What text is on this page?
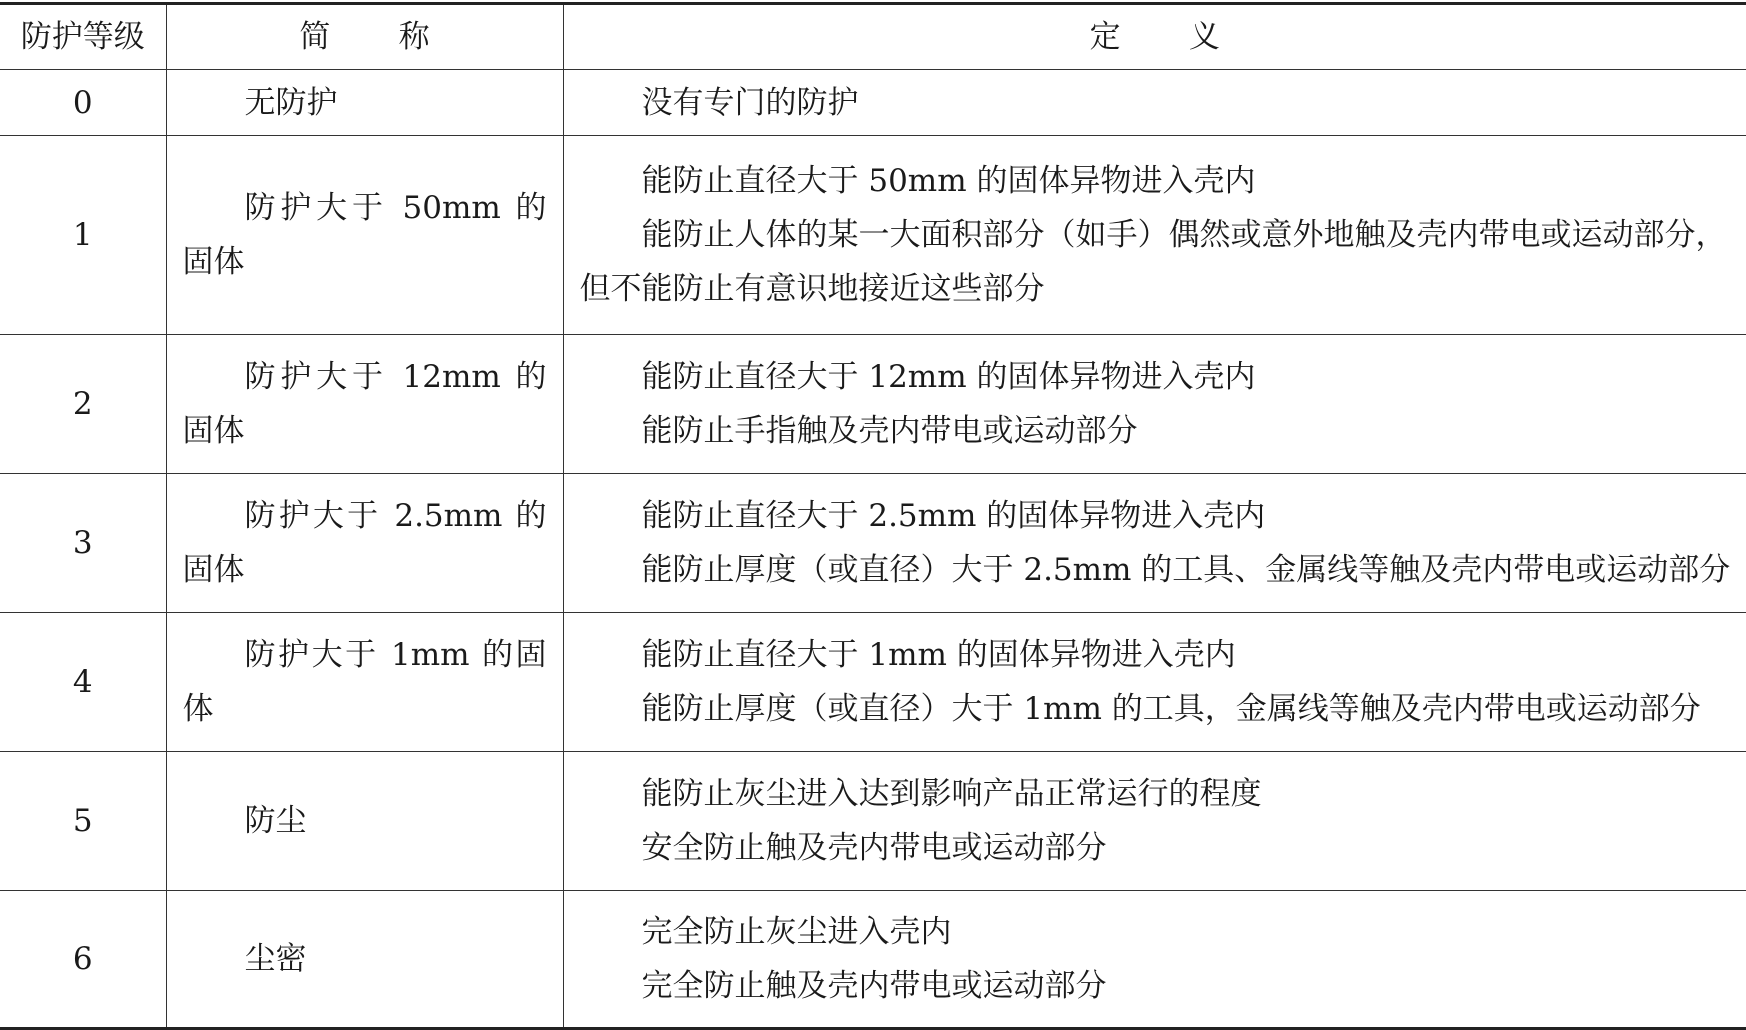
防护等级	简称	定义
0	无防护	没有专门的防护

1	防护大于 50mm 的固体	能防止直径大于 50mm 的固体异物进入壳内
能防止人体的某一大面积部分（如手）偶然或意外地触及壳内带电或运动部分，但不能防止有意识地接近这些部分

2	防护大于 12mm 的固体	能防止直径大于 12mm 的固体异物进入壳内
能防止手指触及壳内带电或运动部分

3	防护大于 2.5mm 的固体	能防止直径大于 2.5mm 的固体异物进入壳内
能防止厚度（或直径）大于 2.5mm 的工具、金属线等触及壳内带电或运动部分

4	防护大于 1mm 的固体	能防止直径大于 1mm 的固体异物进入壳内
能防止厚度（或直径）大于 1mm 的工具，金属线等触及壳内带电或运动部分

5	防尘	能防止灰尘进入达到影响产品正常运行的程度
安全防止触及壳内带电或运动部分

6	尘密	完全防止灰尘进入壳内
完全防止触及壳内带电或运动部分
